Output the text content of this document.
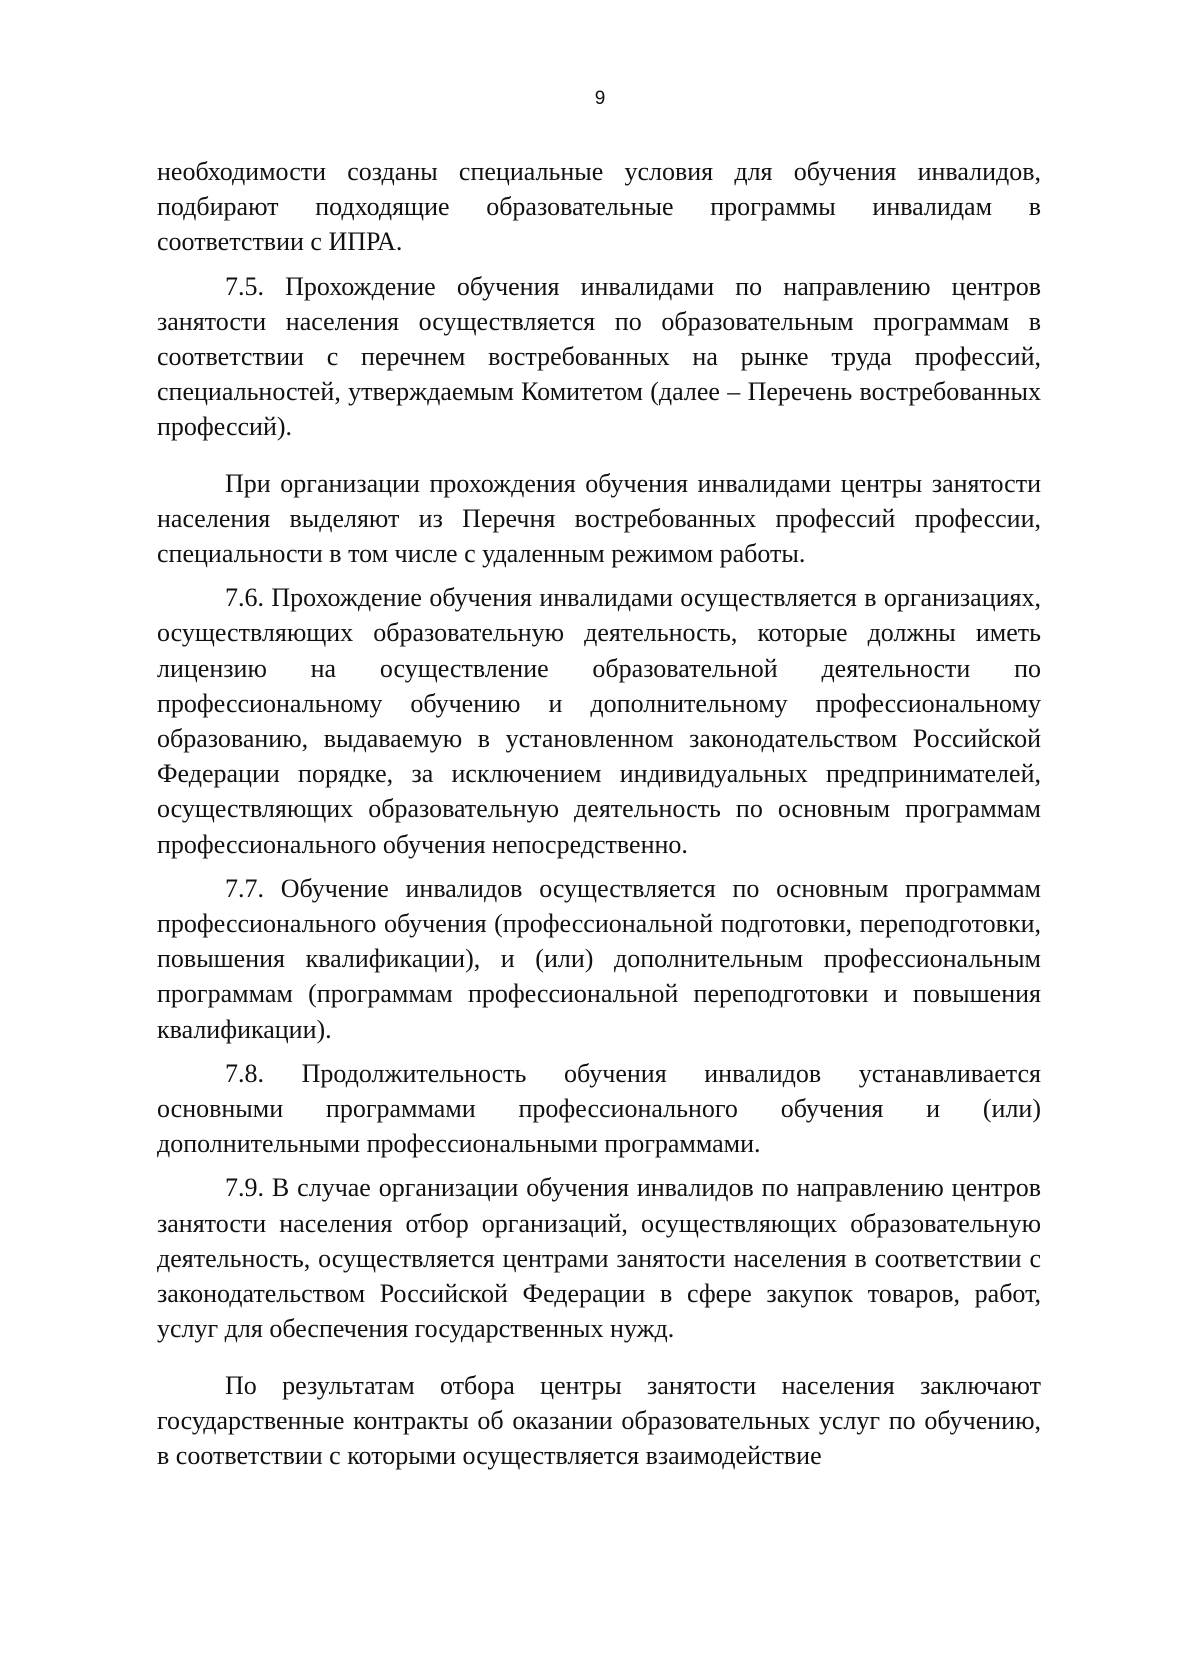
9

необходимости созданы специальные условия для обучения инвалидов, подбирают подходящие образовательные программы инвалидам в соответствии с ИПРА.

7.5. Прохождение обучения инвалидами по направлению центров занятости населения осуществляется по образовательным программам в соответствии с перечнем востребованных на рынке труда профессий, специальностей, утверждаемым Комитетом (далее – Перечень востребованных профессий).

При организации прохождения обучения инвалидами центры занятости населения выделяют из Перечня востребованных профессий профессии, специальности в том числе с удаленным режимом работы.

7.6. Прохождение обучения инвалидами осуществляется в организациях, осуществляющих образовательную деятельность, которые должны иметь лицензию на осуществление образовательной деятельности по профессиональному обучению и дополнительному профессиональному образованию, выдаваемую в установленном законодательством Российской Федерации порядке, за исключением индивидуальных предпринимателей, осуществляющих образовательную деятельность по основным программам профессионального обучения непосредственно.

7.7. Обучение инвалидов осуществляется по основным программам профессионального обучения (профессиональной подготовки, переподготовки, повышения квалификации), и (или) дополнительным профессиональным программам (программам профессиональной переподготовки и повышения квалификации).

7.8. Продолжительность обучения инвалидов устанавливается основными программами профессионального обучения и (или) дополнительными профессиональными программами.

7.9. В случае организации обучения инвалидов по направлению центров занятости населения отбор организаций, осуществляющих образовательную деятельность, осуществляется центрами занятости населения в соответствии с законодательством Российской Федерации в сфере закупок товаров, работ, услуг для обеспечения государственных нужд.

По результатам отбора центры занятости населения заключают государственные контракты об оказании образовательных услуг по обучению, в соответствии с которыми осуществляется взаимодействие
